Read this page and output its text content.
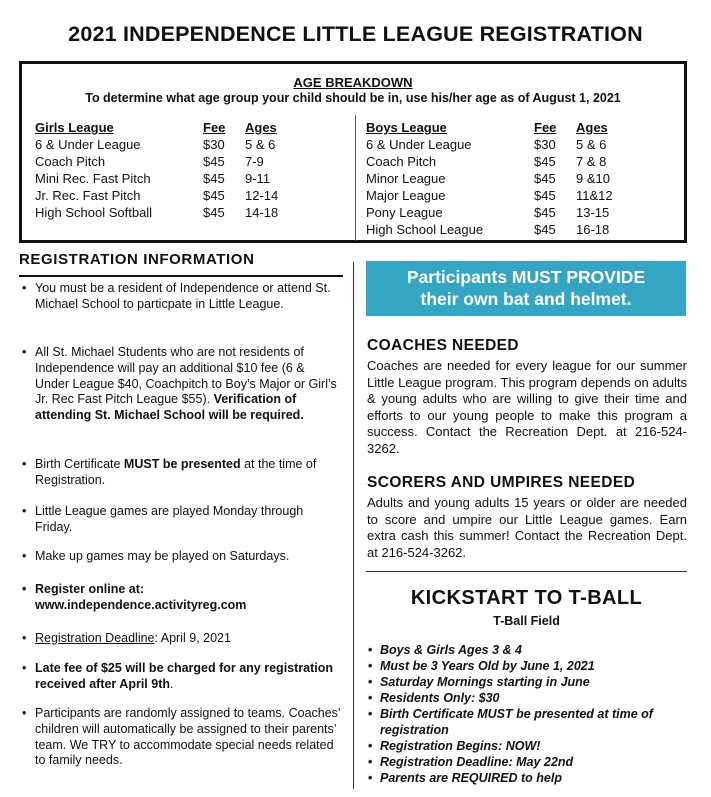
2021 INDEPENDENCE LITTLE LEAGUE REGISTRATION
AGE BREAKDOWN
To determine what age group your child should be in, use his/her age as of August 1, 2021
Girls League	Fee	Ages
6 & Under League	$30	5 & 6
Coach Pitch	$45	7-9
Mini Rec. Fast Pitch	$45	9-11
Jr. Rec. Fast Pitch	$45	12-14
High School Softball	$45	14-18
Boys League	Fee	Ages
6 & Under League	$30	5 & 6
Coach Pitch	$45	7 & 8
Minor League	$45	9 &10
Major League	$45	11&12
Pony League	$45	13-15
High School League	$45	16-18
REGISTRATION INFORMATION
• You must be a resident of Independence or attend St. Michael School to particpate in Little League.
• All St. Michael Students who are not residents of Independence will pay an additional $10 fee (6 & Under League $40, Coachpitch to Boy’s Major or Girl’s Jr. Rec Fast Pitch League $55). Verification of attending St. Michael School will be required.
• Birth Certificate MUST be presented at the time of Registration.
• Little League games are played Monday through Friday.
• Make up games may be played on Saturdays.
• Register online at:
www.independence.activityreg.com
• Registration Deadline: April 9, 2021
• Late fee of $25 will be charged for any registration received after April 9th.
• Participants are randomly assigned to teams. Coaches’ children will automatically be assigned to their parents’ team. We TRY to accommodate special needs related to family needs.
Participants MUST PROVIDE
their own bat and helmet.
COACHES NEEDED
Coaches are needed for every league for our summer Little League program. This program depends on adults & young adults who are willing to give their time and efforts to our young people to make this program a success. Contact the Recreation Dept. at 216-524-3262.
SCORERS AND UMPIRES NEEDED
Adults and young adults 15 years or older are needed to score and umpire our Little League games. Earn extra cash this summer! Contact the Recreation Dept. at 216-524-3262.
KICKSTART TO T-BALL
T-Ball Field
• Boys & Girls Ages 3 & 4
• Must be 3 Years Old by June 1, 2021
• Saturday Mornings starting in June
• Residents Only: $30
• Birth Certificate MUST be presented at time of registration
• Registration Begins: NOW!
• Registration Deadline: May 22nd
• Parents are REQUIRED to help
